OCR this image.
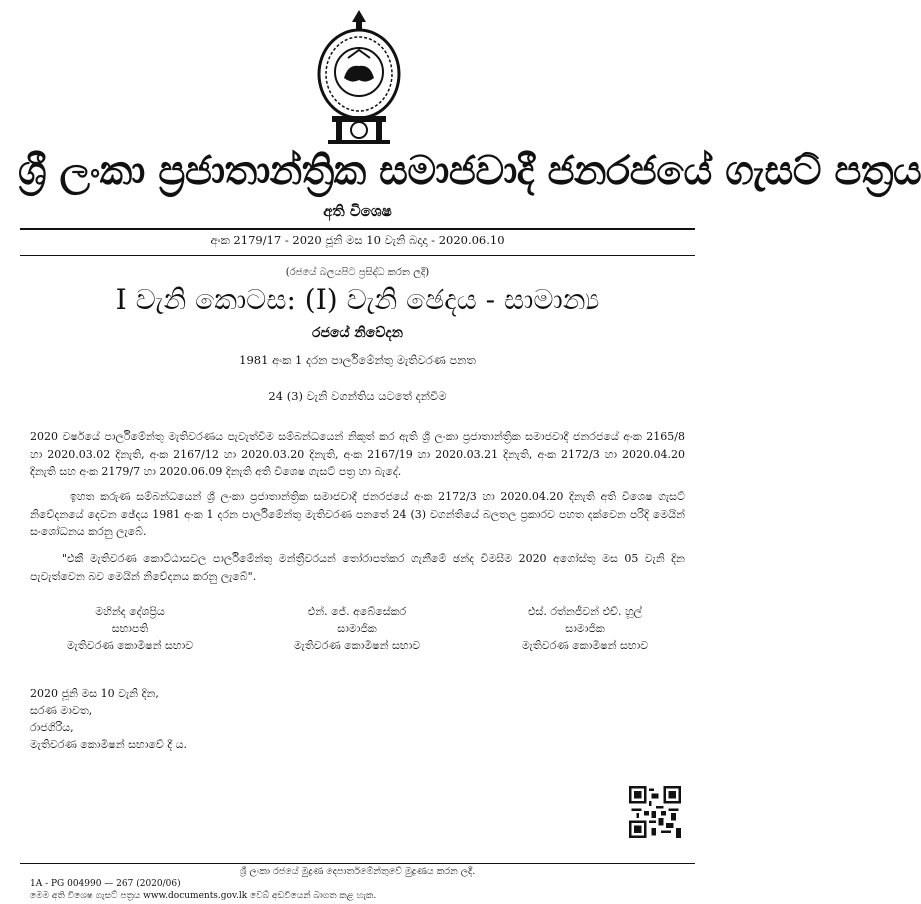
ශ්‍රී ලංකා ප්‍රජාතාන්ත්‍රික සමාජවාදී ජනරජයේ ගැසට් පත්‍රය
අති විශෙෂ
අංක 2179/17 - 2020 ජූනි මස 10 වැනි බදාදා - 2020.06.10
(රජයේ බලයපිට ප්‍රසිද්ධ කරන ලදී)
I වැනි කොටස: (I) වැනි ඡෙදය - සාමාන්‍ය
රජයේ නිවේදන
1981 අංක 1 දරන පාර්ලිමේන්තු මැතිවරණ පනත
24 (3) වැනි වගන්තිය යටතේ දන්වීම
2020 වර්ෂයේ පාර්ලිමේන්තු මැතිවරණය පැවැත්වීම සම්බන්ධයෙන් නිකුත් කර ඇති ශ්‍රී ලංකා ප්‍රජාතාන්ත්‍රික සමාජවාදී ජනරජයේ අංක 2165/8 හා 2020.03.02 දිනැති, අංක 2167/12 හා 2020.03.20 දිනැති, අංක 2167/19 හා 2020.03.21 දිනැති, අංක 2172/3 හා 2020.04.20 දිනැති සහ අංක 2179/7 හා 2020.06.09 දිනැති අති විශෙෂ ගැසට් පත්‍ර හා බැදේ.
ඉහත කරුණ සම්බන්ධයෙන් ශ්‍රී ලංකා ප්‍රජාතාන්ත්‍රික සමාජවාදී ජනරජයේ අංක 2172/3 හා 2020.04.20 දිනැති අති විශෙෂ ගැසට් නිවේදනයේ දෙවන ඡේදය 1981 අංක 1 දරන පාර්ලිමේන්තු මැතිවරණ පනතේ 24 (3) වගන්තියේ බලතල ප්‍රකාරව පහත දක්වෙන පරිදි මෙයින් සංශෝධනය කරනු ලැබේ.
"එකී මැතිවරණ කොට්ඨාසවල පාර්ලිමේන්තු මන්ත්‍රීවරයන් තෝරාපත්කර ගැනීමේ ඡන්ද විමසීම 2020 අගෝස්තු මස 05 වැනි දින පැවැත්වෙන බව මෙයින් නිවේදනය කරනු ලැබේ".
මහින්ද දේශප්‍රිය
සභාපති
මැතිවරණ කොමිෂන් සභාව
එන්. ජේ. අබේසේකර
සාමාජික
මැතිවරණ කොමිෂන් සභාව
එස්. රත්නජීවන් එච්. හූල්
සාමාජික
මැතිවරණ කොමිෂන් සභාව
2020 ජූනි මස 10 වැනි දින,
සරණ මාවත,
රාජගිරිය,
මැතිවරණ කොමිෂන් සභාවේ දී ය.
ශ්‍රී ලංකා රජයේ මුද්‍රණ දෙපාර්තමේන්තුවේ මුද්‍රණය කරන ලදී.
1A - PG 004990 — 267 (2020/06)
මෙම අති විශෙෂ ගැසට් පත්‍රය www.documents.gov.lk වෙබ් අඩවියෙන් බාගත කළ හැක.
